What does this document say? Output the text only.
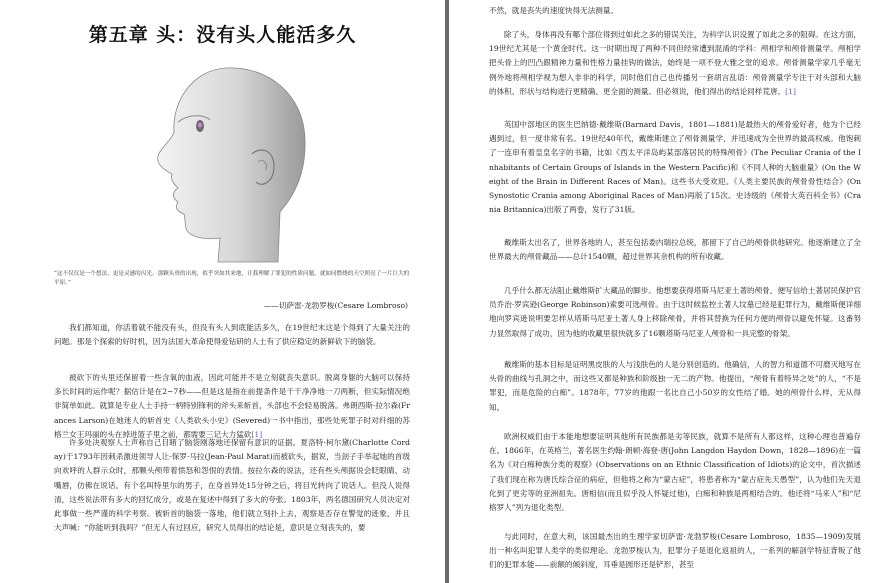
第五章 头：没有头人能活多久
“这不仅仅是一个想法，更是灵感的闪光。那颗头骨的出现，似乎突如其来地，让我理解了罪犯的性质问题，就如同燃烧的天空照亮了一片巨大的平原。”
——切萨雷·龙勃罗梭(Cesare Lombroso)

我们都知道，你活着就不能没有头，但没有头人到底能活多久，在19世纪末这是个得到了大量关注的问题。那是个探索的好时机，因为法国大革命使得爱钻研的人士有了供应稳定的新鲜砍下的脑袋。

被砍下的头里还保留着一些含氧的血液，因此可能并不是立刻就丧失意识。脱离身躯的大脑可以保持多长时间的运作呢？据估计是在2~7秒——但是这是指在前提条件是干干净净地一刀两断，但实际情况绝非简单如此。就算是专业人士手持一柄特别锋利的斧头来斩首，头部也不会轻易脱落。弗朗西斯·拉尔森(Frances Larson)在她迷人的斩首史《人类砍头小史》(Severed)一书中指出，那些处死罪子时对纤细的苏格兰女王玛丽的头在掉进篮子里之前，都需要三记大力猛砍[1]

许多处决观察人士声称自己目睹了脑袋刚落地还保留有意识的证据。夏洛特·柯尔黛(Charlotte Corday)于1793年因刺杀激进领导人让-保罗·马拉(Jean-Paul Marat)而被砍头，据说，当刽子手举起她的首级向欢呼的人群示众时，那颗头颅带着愤怒和怨恨的表情。按拉尔森的说法，还有些头颅据说会眨眼睛、动嘴唇，仿佛在说话。有个名叫特里尔的男子，在身首异处15分钟之后，将目光转向了说话人。但没人说得清，这些说法带有多大的回忆成分，或是在复述中得到了多大的夸张。1803年，两名德国研究人员决定对此事做一些严谨的科学考察。被斩首的脑袋一落地，他们就立刻扑上去，观察是否存在警觉的迹象，并且大声喊：“你能听到我吗？”但无人有过回应，研究人员得出的结论是，意识是立刻丧失的，要

不然，就是丧失的速度快得无法测量。

除了头，身体再没有哪个部位得到过如此之多的错误关注，为科学认识设置了如此之多的阻碍。在这方面，19世纪尤其是一个黄金时代。这一时期出现了两种不同但经常遭到混淆的学科：颅相学和颅骨测量学。颅相学把头骨上的凹凸跟精神力量和性格力量挂钩的做法，始终是一项不登大雅之堂的追求。颅骨测量学家几乎毫无例外地将颅相学视为想入非非的科学，同时他们自己也传播另一套胡言乱语：颅骨测量学专注于对头部和大脑的体积、形状与结构进行更精确、更全面的测量。但必须说，他们得出的结论同样荒唐。[1]

英国中部地区的医生巴纳德·戴维斯(Barnard Davis，1801—1881)是最热大的颅骨爱好者，他为个已经遇到过，但一度非常有名。19世纪40年代，戴维斯建立了颅骨测量学，并迅速成为全世界的最高权威。他饱刺了一连串有着皇皇名字的书籍，比如《西太平洋岛屿某部落居民的特殊颅骨》(The Peculiar Crania of the Inhabitants of Certain Groups of Islands in the Western Pacific)和《不同人种的大脑重量》(On the Weight of the Brain in Different Races of Man)。这些书大受欢迎。《人类主要民族的颅骨骨性结合》(On Synostotic Crania among Aboriginal Races of Man)再版了15次。史诗级的《颅骨大英百科全书》(Crania Britannica)出版了两卷，发行了31版。

戴维斯太出名了，世界各地的人，甚至包括委内瑞拉总统，都留下了自己的颅骨供他研究。他逐渐建立了全世界最大的颅骨藏品——总计1540颗，超过世界其余机构的所有收藏。

几乎什么都无法阻止戴维斯扩大藏品的脚步。他想要获得塔斯马尼亚土著的颅骨，便写信给土著居民保护官员乔治·罗宾逊(George Robinson)索要可选颅骨。由于这时候监控土著人坟墓已经是犯罪行为，戴维斯便详细地向罗宾逊说明要怎样从塔斯马尼亚土著人身上移除颅骨，并将其替换为任何方便的颅骨以避免怀疑。这番努力显然取得了成功，因为他的收藏里很快就多了16颗塔斯马尼亚人颅骨和一具完整的骨架。

戴维斯的基本目标是证明黑皮肤的人与浅肤色的人是分别创造的。他确信，人的智力和道德不可磨灭地写在头骨的曲线与孔洞之中，而这些又都是种族和阶级独一无二的产物。他提出，“颅骨有着特异之处”的人，“不是罪犯，而是危险的白痴”。1878年，77岁的他跟一名比自己小50岁的女性结了婚。她的颅骨什么样，无从得知。

欧洲权威们由于本能地想要证明其他所有民族都是劣等民族，就算不是所有人都这样，这种心理也普遍存在。1866年，在英格兰，著名医生约翰·朗顿·海登·唐(John Langdon Haydon Down，1828—1896)在一篇名为《对白痴种族分类的观察》(Observations on an Ethnic Classification of Idiots)的论文中，首次描述了我们现在称为唐氏综合征的病症，但他将之称为“蒙古症”，将患者称为“蒙古症先天愚型”，认为他们先天退化到了更劣等的亚洲祖先。唐相信(而且似乎没人怀疑过他)，白痴和种族是两相结合的。他还将“马来人”和“尼格罗人”列为退化类型。

与此同时，在意大利，该国最杰出的生理学家切萨雷·龙勃罗梭(Cesare Lombroso，1835—1909)发展出一种名叫犯罪人类学的类似理论。龙勃罗梭认为，犯罪分子是退化返祖的人，一系列的解剖学特征背叛了他们的犯罪本能——前额的倾斜度，耳垂是圆形还是铲形，甚至
